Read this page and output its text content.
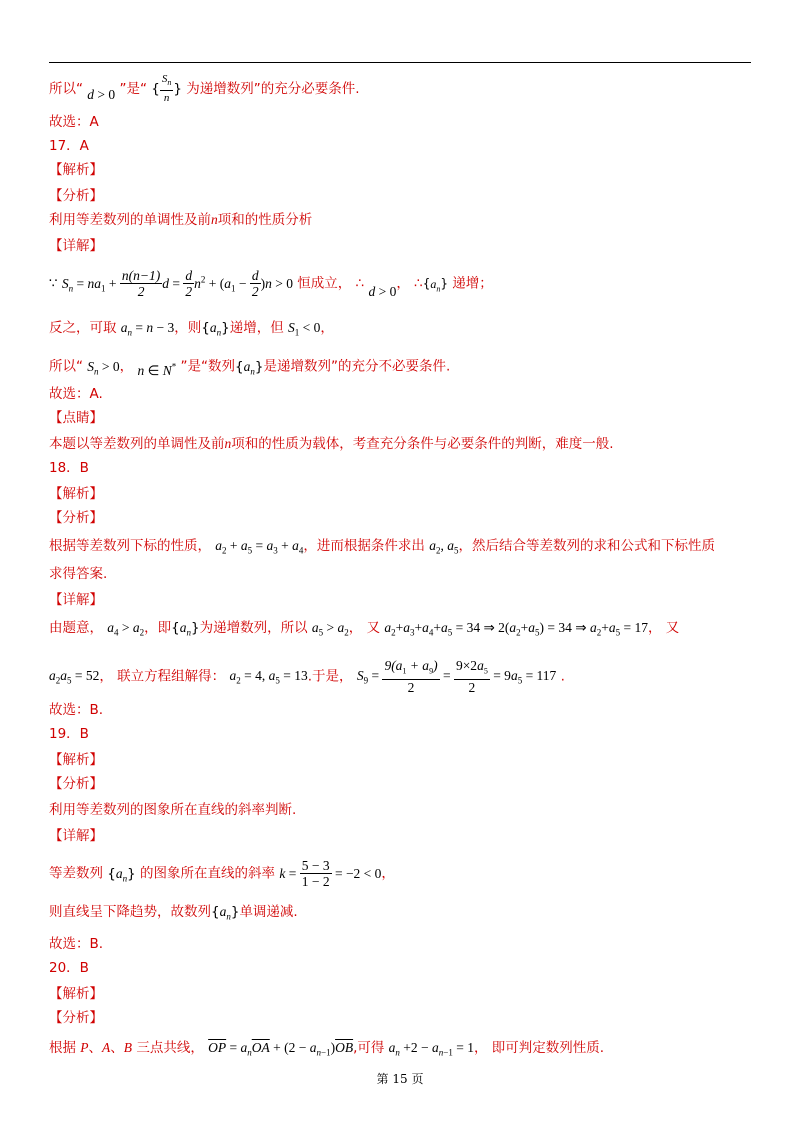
所以“ d > 0 ”是“ { $\frac{S_n}{n}$ } 为递增数列”的充分必要条件.
故选：A
17．A
【解析】
【分析】
利用等差数列的单调性及前n项和的性质分析
【详解】
∵ $S_n = na_1 + \frac{n(n-1)}{2}$ $d = \frac{d}{2} n^2 + (a_1 - \frac{d}{2} )n > 0$ 恒成立， ∴ d > 0， $\therefore\{a_n\}$ 递增；
反之，可取 $a_n = n - 3$，则$\{a_n\}$递增，但 $S_1 < 0$，
所以“ $S_n > 0$， n ∈ N* ”是“数列$\{a_n\}$是递增数列”的充分不必要条件.
故选：A.
【点睛】
本题以等差数列的单调性及前n项和的性质为载体，考查充分条件与必要条件的判断，难度一般.
18．B
【解析】
【分析】
根据等差数列下标的性质， $a_2 + a_5 = a_3 + a_4$，进而根据条件求出 $a_2$, $a_5$，然后结合等差数列的求和公式和下标性质
求得答案.
【详解】
由题意， $a_4 > a_2$，即$\{a_n\}$为递增数列，所以 $a_5 > a_2$， 又 $a_2+a_3+a_4+a_5 = 34$ ⇒ $2(a_2+a_5) = 34$ ⇒ $a_2+a_5 = 17$， 又
$a_2a_5 = 52$， 联立方程组解得： $a_2 = 4$, $a_5 = 13$.于是， $S_9 = \frac{9(a_1 + a_9)}{2} = \frac{9\times 2a_5}{2} = 9a_5 = 117$ .
故选：B.
19．B
【解析】
【分析】
利用等差数列的图象所在直线的斜率判断.
【详解】
等差数列 $\{a_n\}$ 的图象所在直线的斜率 $k = \frac{5 - 3}{1 - 2} = -2 < 0$，
则直线呈下降趋势，故数列$\{a_n\}$单调递减.
故选：B.
20．B
【解析】
【分析】
根据 P、A、B 三点共线， $\overline{OP} = a_n\overline{OA} + (2 - a_{n-1})\overline{OB}$,可得 $a_n +2 - a_{n-1} = 1$， 即可判定数列性质.
第 15 页
